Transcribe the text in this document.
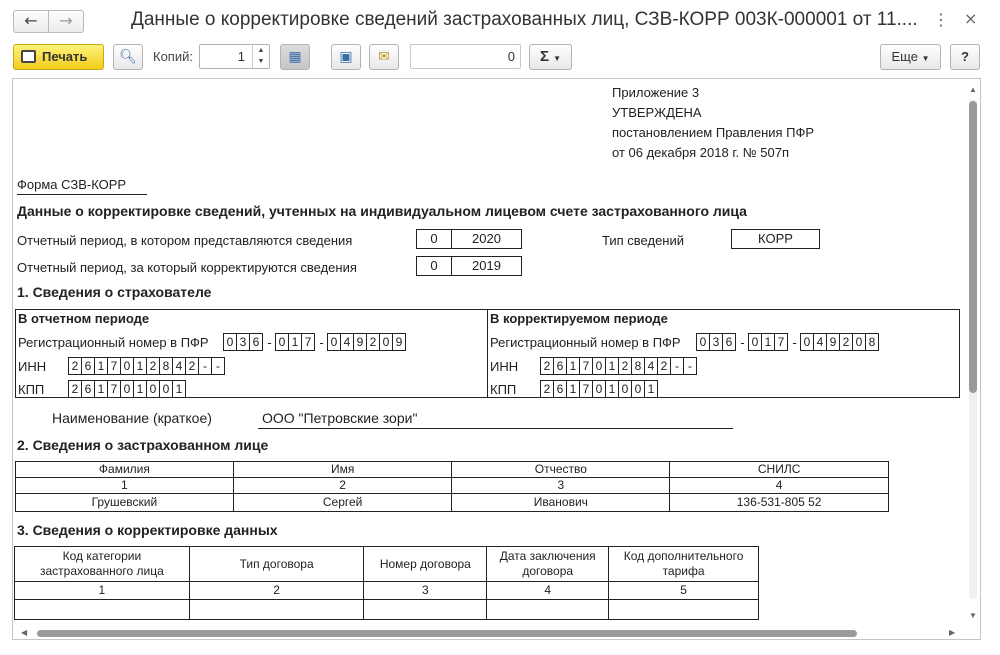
←	→	Данные о корректировке сведений застрахованных лиц, СЗВ-КОРР 003К-000001 от 11.... ⋮ ×
Печать	🔍︎	Копий:	1	▲
▼	▦	▣	✉	0	Σ ▼	Еще ▼	?
Приложение 3
УТВЕРЖДЕНА
постановлением Правления ПФР
от 06 декабря 2018 г. № 507п
Форма СЗВ-КОРР
Данные о корректировке сведений, учтенных на индивидуальном лицевом счете застрахованного лица
Отчетный период, в котором представляются сведения	0	2020	Тип сведений	КОРР
Отчетный период, за который корректируются сведения	0	2019
1. Сведения о страхователе
В отчетном периоде
Регистрационный номер в ПФР	0 3 6 - 0 1 7 - 0 4 9 2 0 9
ИНН	2 6 1 7 0 1 2 8 4 2 - -
КПП	2 6 1 7 0 1 0 0 1
В корректируемом периоде
Регистрационный номер в ПФР	0 3 6 - 0 1 7 - 0 4 9 2 0 8
ИНН	2 6 1 7 0 1 2 8 4 2 - -
КПП	2 6 1 7 0 1 0 0 1
Наименование (краткое)	ООО "Петровские зори"
2. Сведения о застрахованном лице
Фамилия	Имя	Отчество	СНИЛС
1	2	3	4
Грушевский	Сергей	Иванович	136-531-805 52
3. Сведения о корректировке данных
Код категории застрахованного лица	Тип договора	Номер договора	Дата заключения договора	Код дополнительного тарифа
1	2	3	4	5

▲
▼
◀	▶
